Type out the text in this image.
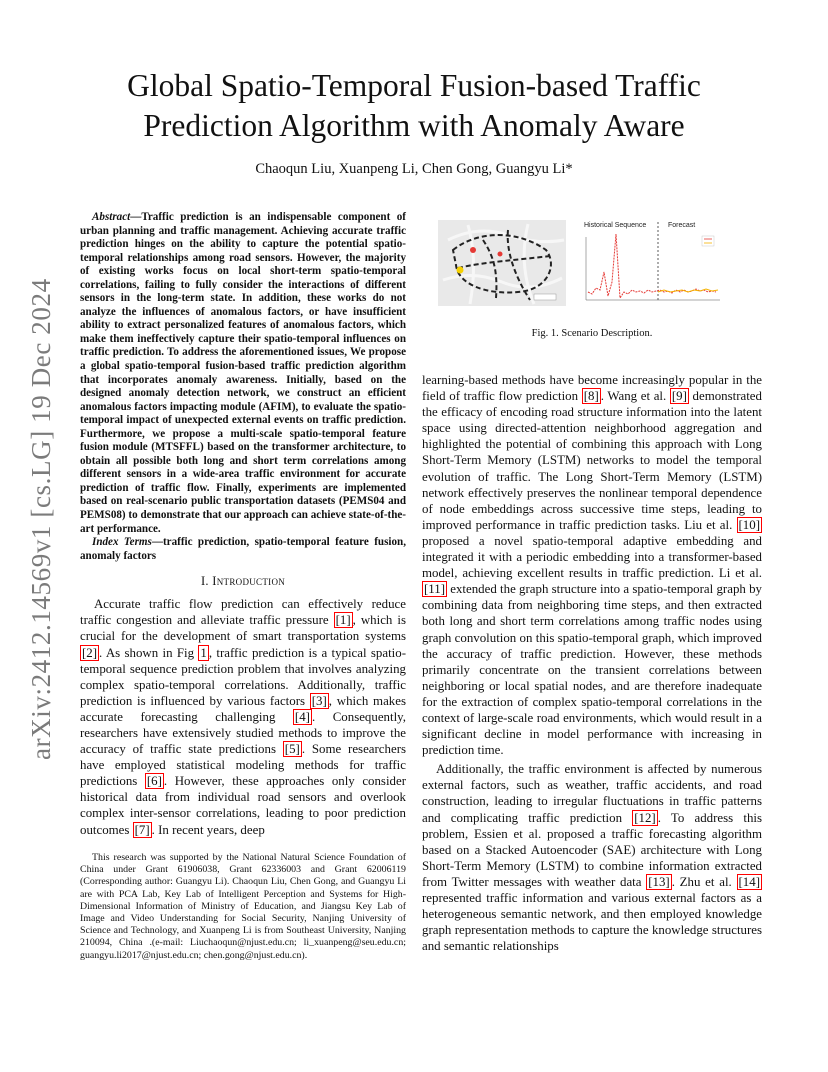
arXiv:2412.14569v1 [cs.LG] 19 Dec 2024
Global Spatio-Temporal Fusion-based Traffic Prediction Algorithm with Anomaly Aware
Chaoqun Liu, Xuanpeng Li, Chen Gong, Guangyu Li*

Abstract—Traffic prediction is an indispensable component of urban planning and traffic management. Achieving accurate traffic prediction hinges on the ability to capture the potential spatio-temporal relationships among road sensors. However, the majority of existing works focus on local short-term spatio-temporal correlations, failing to fully consider the interactions of different sensors in the long-term state. In addition, these works do not analyze the influences of anomalous factors, or have insufficient ability to extract personalized features of anomalous factors, which make them ineffectively capture their spatio-temporal influences on traffic prediction. To address the aforementioned issues, We propose a global spatio-temporal fusion-based traffic prediction algorithm that incorporates anomaly awareness. Initially, based on the designed anomaly detection network, we construct an efficient anomalous factors impacting module (AFIM), to evaluate the spatio-temporal impact of unexpected external events on traffic prediction. Furthermore, we propose a multi-scale spatio-temporal feature fusion module (MTSFFL) based on the transformer architecture, to obtain all possible both long and short term correlations among different sensors in a wide-area traffic environment for accurate prediction of traffic flow. Finally, experiments are implemented based on real-scenario public transportation datasets (PEMS04 and PEMS08) to demonstrate that our approach can achieve state-of-the-art performance.

Index Terms—traffic prediction, spatio-temporal feature fusion, anomaly factors

I. Introduction

Accurate traffic flow prediction can effectively reduce traffic congestion and alleviate traffic pressure [1] , which is crucial for the development of smart transportation systems [2] . As shown in Fig 1 , traffic prediction is a typical spatio-temporal sequence prediction problem that involves analyzing complex spatio-temporal correlations. Additionally, traffic prediction is influenced by various factors [3] , which makes accurate forecasting challenging [4] . Consequently, researchers have extensively studied methods to improve the accuracy of traffic state predictions [5] . Some researchers have employed statistical modeling methods for traffic predictions [6] . However, these approaches only consider historical data from individual road sensors and overlook complex inter-sensor correlations, leading to poor prediction outcomes [7] . In recent years, deep

This research was supported by the National Natural Science Foundation of China under Grant 61906038, Grant 62336003 and Grant 62006119 (Corresponding author: Guangyu Li). Chaoqun Liu, Chen Gong, and Guangyu Li are with PCA Lab, Key Lab of Intelligent Perception and Systems for High-Dimensional Information of Ministry of Education, and Jiangsu Key Lab of Image and Video Understanding for Social Security, Nanjing University of Science and Technology, and Xuanpeng Li is from Southeast University, Nanjing 210094, China .(e-mail: Liuchaoqun@njust.edu.cn; li_xuanpeng@seu.edu.cn; guangyu.li2017@njust.edu.cn; chen.gong@njust.edu.cn).

Historical Sequence	Forecast
Fig. 1. Scenario Description.

learning-based methods have become increasingly popular in the field of traffic flow prediction [8] . Wang et al. [9] demonstrated the efficacy of encoding road structure information into the latent space using directed-attention neighborhood aggregation and highlighted the potential of combining this approach with Long Short-Term Memory (LSTM) networks to model the temporal evolution of traffic. The Long Short-Term Memory (LSTM) network effectively preserves the nonlinear temporal dependence of node embeddings across successive time steps, leading to improved performance in traffic prediction tasks. Liu et al. [10] proposed a novel spatio-temporal adaptive embedding and integrated it with a periodic embedding into a transformer-based model, achieving excellent results in traffic prediction. Li et al. [11] extended the graph structure into a spatio-temporal graph by combining data from neighboring time steps, and then extracted both long and short term correlations among traffic nodes using graph convolution on this spatio-temporal graph, which improved the accuracy of traffic prediction. However, these methods primarily concentrate on the transient correlations between neighboring or local spatial nodes, and are therefore inadequate for the extraction of complex spatio-temporal correlations in the context of large-scale road environments, which would result in a significant decline in model performance with increasing in prediction time.

Additionally, the traffic environment is affected by numerous external factors, such as weather, traffic accidents, and road construction, leading to irregular fluctuations in traffic patterns and complicating traffic prediction [12] . To address this problem, Essien et al. proposed a traffic forecasting algorithm based on a Stacked Autoencoder (SAE) architecture with Long Short-Term Memory (LSTM) to combine information extracted from Twitter messages with weather data [13] . Zhu et al. [14] represented traffic information and various external factors as a heterogeneous semantic network, and then employed knowledge graph representation methods to capture the knowledge structures and semantic relationships
